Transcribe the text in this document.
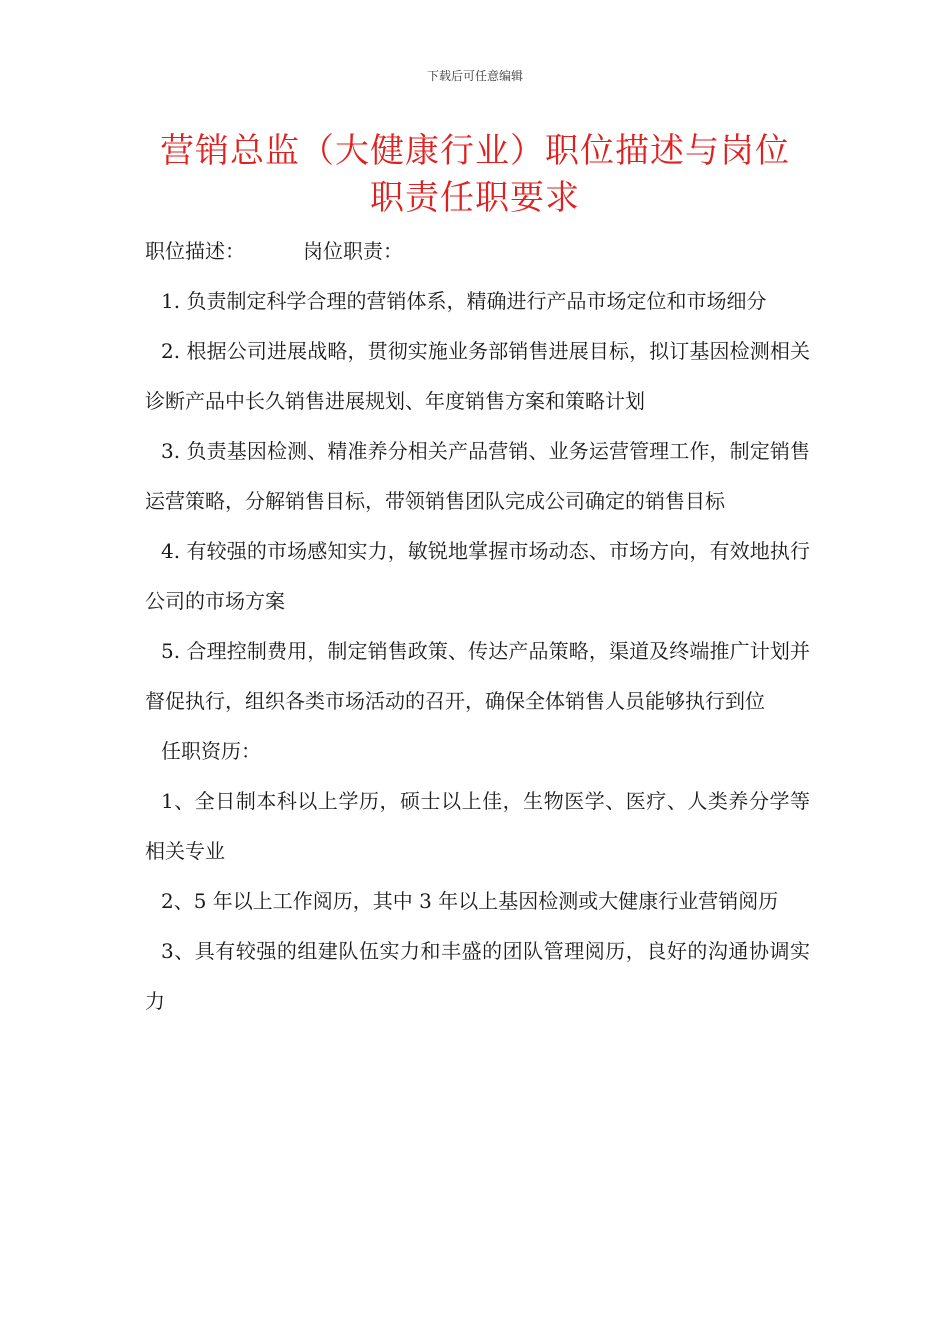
下载后可任意编辑
营销总监（大健康行业）职位描述与岗位
职责任职要求

职位描述：	岗位职责：

1. 负责制定科学合理的营销体系，精确进行产品市场定位和市场细分

2. 根据公司进展战略，贯彻实施业务部销售进展目标，拟订基因检测相关诊断产品中长久销售进展规划、年度销售方案和策略计划

3. 负责基因检测、精准养分相关产品营销、业务运营管理工作，制定销售运营策略，分解销售目标，带领销售团队完成公司确定的销售目标

4. 有较强的市场感知实力，敏锐地掌握市场动态、市场方向，有效地执行公司的市场方案

5. 合理控制费用，制定销售政策、传达产品策略，渠道及终端推广计划并督促执行，组织各类市场活动的召开，确保全体销售人员能够执行到位

任职资历：

1、全日制本科以上学历，硕士以上佳，生物医学、医疗、人类养分学等相关专业

2、5 年以上工作阅历，其中 3 年以上基因检测或大健康行业营销阅历

3、具有较强的组建队伍实力和丰盛的团队管理阅历，良好的沟通协调实力
